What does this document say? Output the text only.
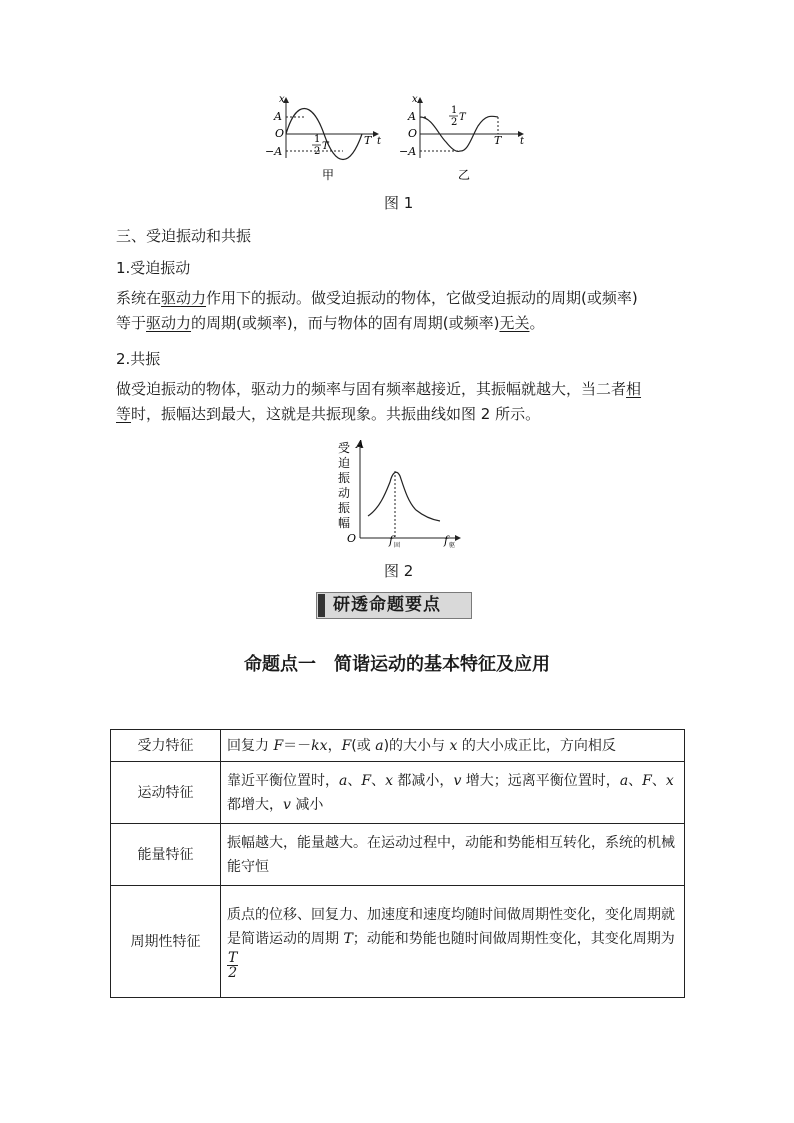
x
A
O
−A
1
2 T	T t
甲
x
A
O
−A
1
2 T
T t
乙
图 1
三、受迫振动和共振
1.受迫振动
系统在驱动力作用下的振动。做受迫振动的物体，它做受迫振动的周期(或频率)
等于驱动力的周期(或频率)，而与物体的固有周期(或频率)无关。
2.共振
做受迫振动的物体，驱动力的频率与固有频率越接近，其振幅就越大，当二者相
等时，振幅达到最大，这就是共振现象。共振曲线如图 2 所示。
受
迫
振
动
振
幅
A
O	f 固	f 驱
图 2
研透命题要点
命题点一　简谐运动的基本特征及应用
受力特征	回复力 F＝－kx，F(或 a)的大小与 x 的大小成正比，方向相反
运动特征	靠近平衡位置时，a、F、x 都减小，v 增大；远离平衡位置时，a、F、x 都增大，v 减小
能量特征	振幅越大，能量越大。在运动过程中，动能和势能相互转化，系统的机械能守恒
周期性特征	质点的位移、回复力、加速度和速度均随时间做周期性变化，变化周期就是简谐运动的周期 T；动能和势能也随时间做周期性变化，其变化周期为
$\frac{T}{2}$
